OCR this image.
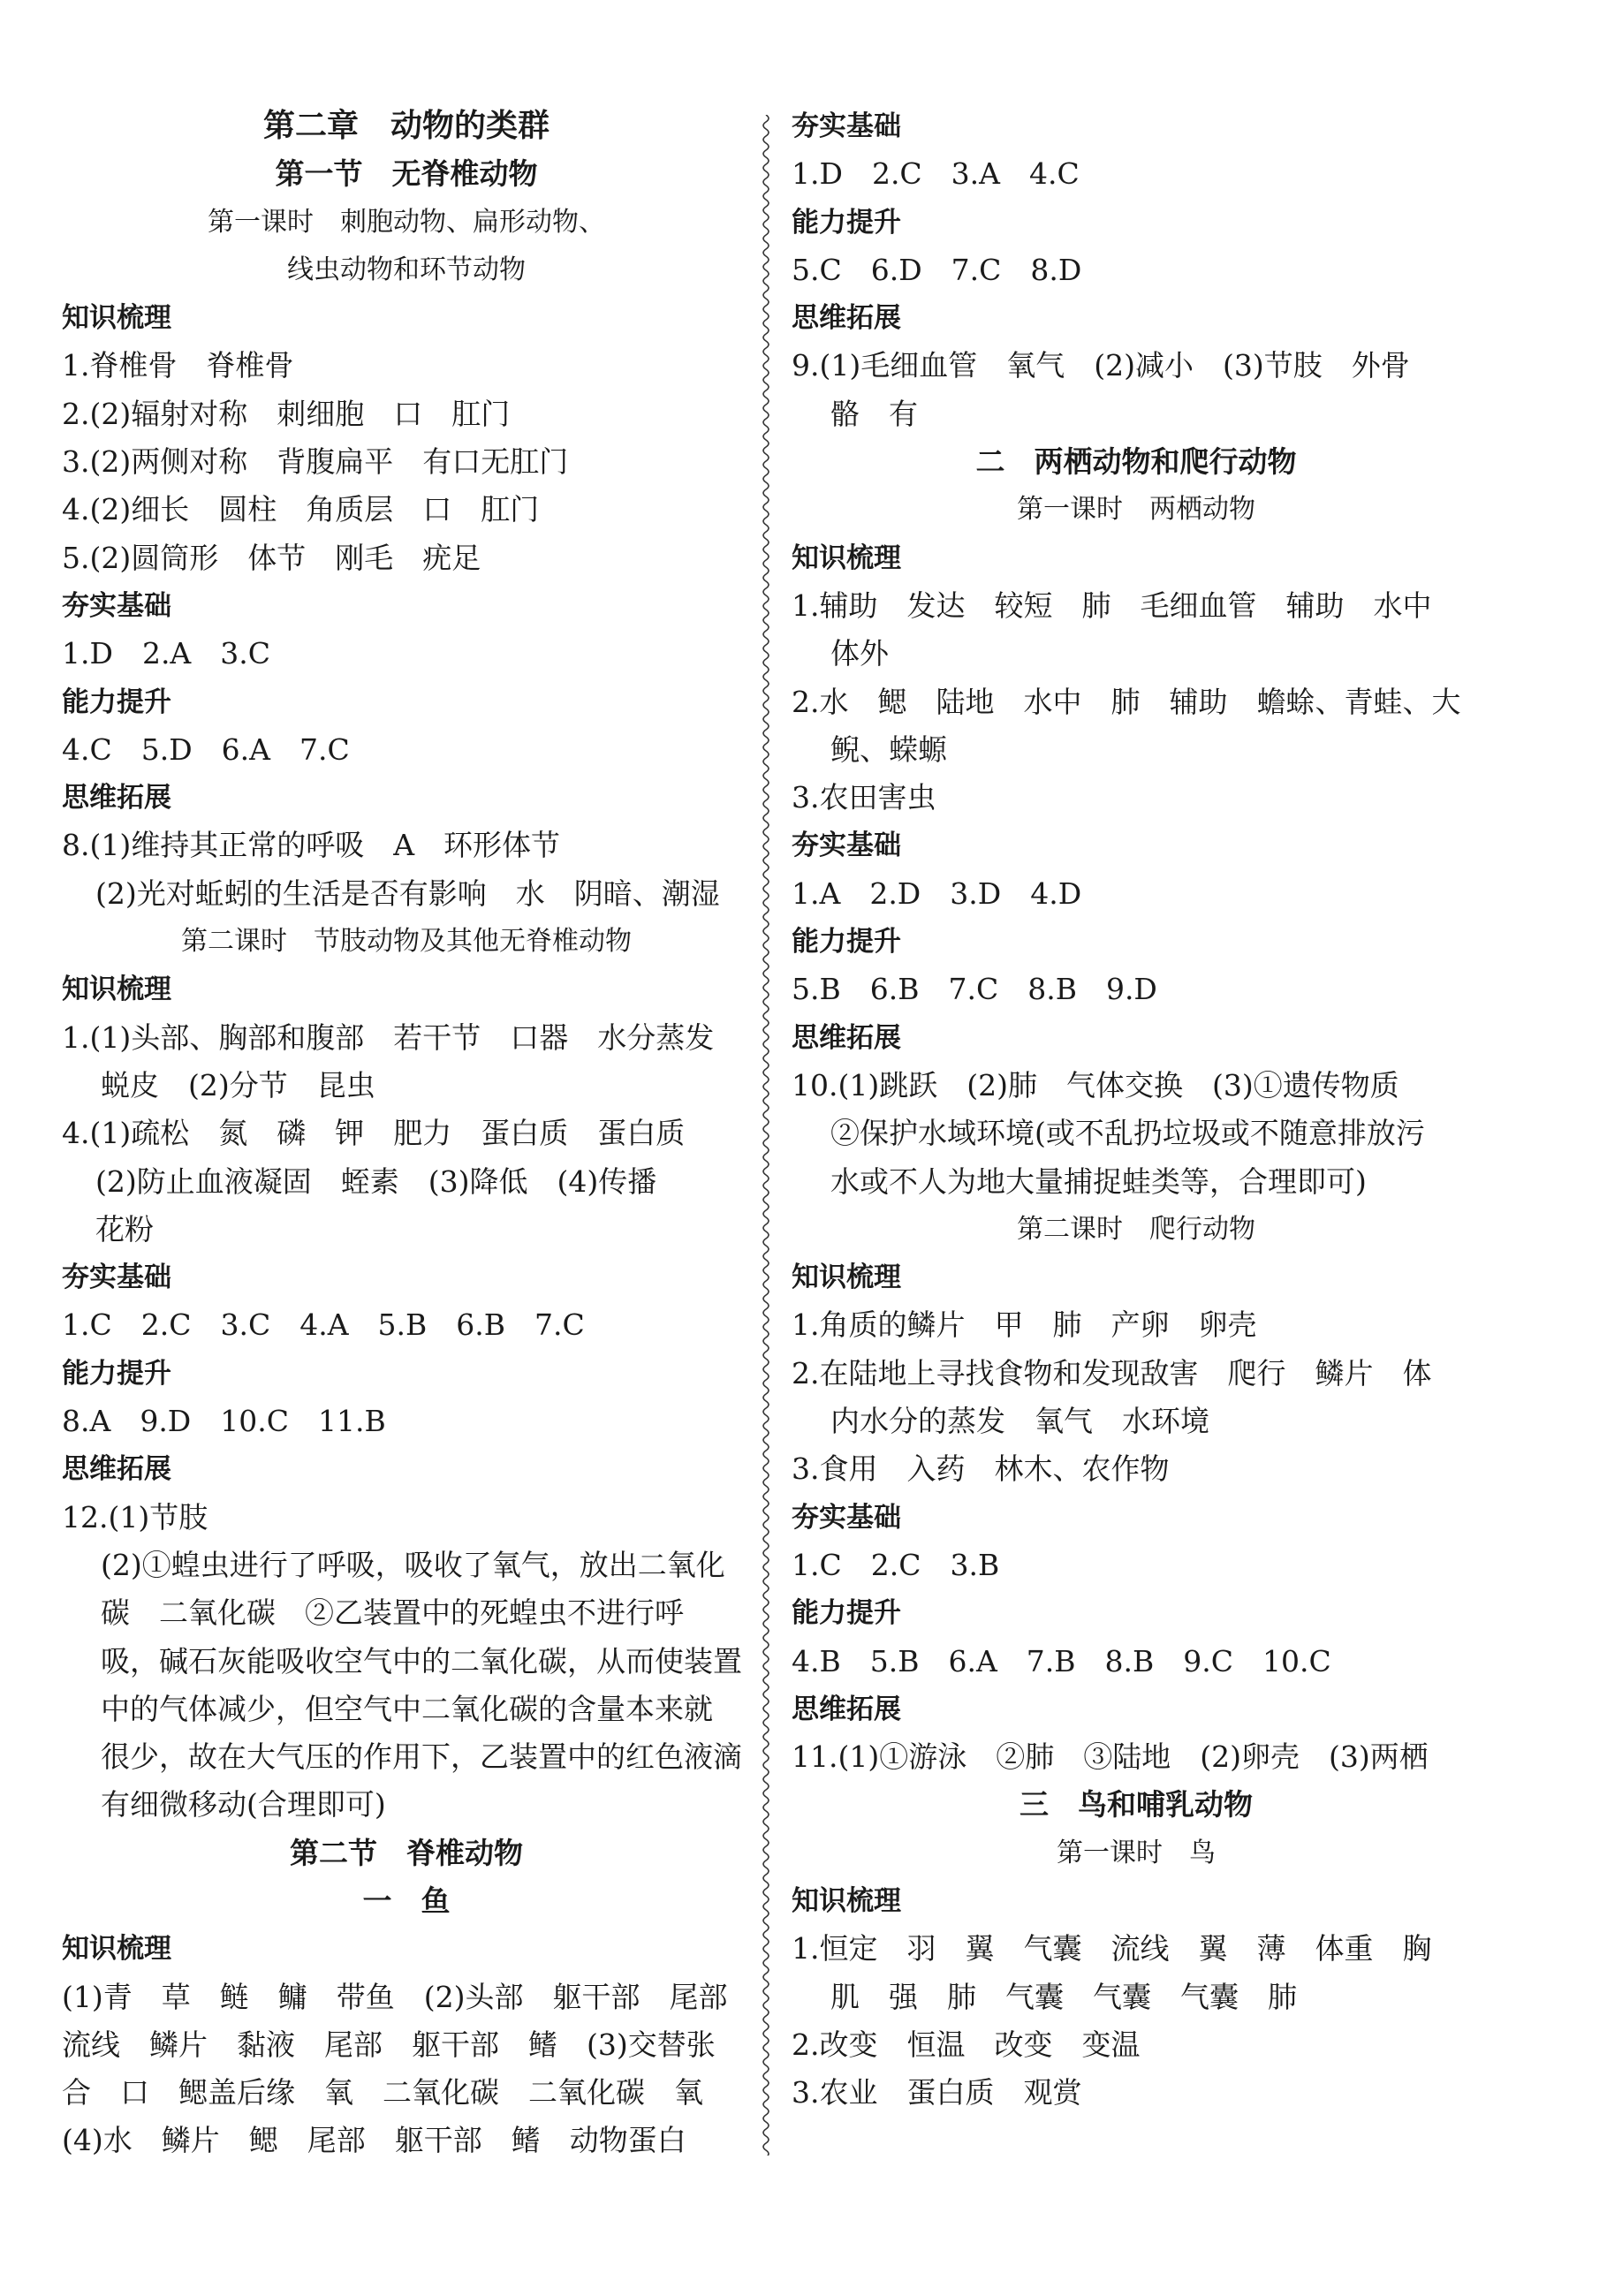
第二章　动物的类群
第一节　无脊椎动物
第一课时　刺胞动物、扁形动物、
线虫动物和环节动物
知识梳理
1.脊椎骨　脊椎骨
2.(2)辐射对称　刺细胞　口　肛门
3.(2)两侧对称　背腹扁平　有口无肛门
4.(2)细长　圆柱　角质层　口　肛门
5.(2)圆筒形　体节　刚毛　疣足
夯实基础
1.D　2.A　3.C
能力提升
4.C　5.D　6.A　7.C
思维拓展
8.(1)维持其正常的呼吸　A　环形体节
(2)光对蚯蚓的生活是否有影响　水　阴暗、潮湿
第二课时　节肢动物及其他无脊椎动物
知识梳理
1.(1)头部、胸部和腹部　若干节　口器　水分蒸发
蜕皮　(2)分节　昆虫
4.(1)疏松　氮　磷　钾　肥力　蛋白质　蛋白质
(2)防止血液凝固　蛭素　(3)降低　(4)传播
花粉
夯实基础
1.C　2.C　3.C　4.A　5.B　6.B　7.C
能力提升
8.A　9.D　10.C　11.B
思维拓展
12.(1)节肢
(2)①蝗虫进行了呼吸，吸收了氧气，放出二氧化
碳　二氧化碳　②乙装置中的死蝗虫不进行呼
吸，碱石灰能吸收空气中的二氧化碳，从而使装置
中的气体减少，但空气中二氧化碳的含量本来就
很少，故在大气压的作用下，乙装置中的红色液滴
有细微移动(合理即可)
第二节　脊椎动物
一　鱼
知识梳理
(1)青　草　鲢　鳙　带鱼　(2)头部　躯干部　尾部
流线　鳞片　黏液　尾部　躯干部　鳍　(3)交替张
合　口　鳃盖后缘　氧　二氧化碳　二氧化碳　氧
(4)水　鳞片　鳃　尾部　躯干部　鳍　动物蛋白
夯实基础
1.D　2.C　3.A　4.C
能力提升
5.C　6.D　7.C　8.D
思维拓展
9.(1)毛细血管　氧气　(2)减小　(3)节肢　外骨
骼　有
二　两栖动物和爬行动物
第一课时　两栖动物
知识梳理
1.辅助　发达　较短　肺　毛细血管　辅助　水中
体外
2.水　鳃　陆地　水中　肺　辅助　蟾蜍、青蛙、大
鲵、蝾螈
3.农田害虫
夯实基础
1.A　2.D　3.D　4.D
能力提升
5.B　6.B　7.C　8.B　9.D
思维拓展
10.(1)跳跃　(2)肺　气体交换　(3)①遗传物质
②保护水域环境(或不乱扔垃圾或不随意排放污
水或不人为地大量捕捉蛙类等，合理即可)
第二课时　爬行动物
知识梳理
1.角质的鳞片　甲　肺　产卵　卵壳
2.在陆地上寻找食物和发现敌害　爬行　鳞片　体
内水分的蒸发　氧气　水环境
3.食用　入药　林木、农作物
夯实基础
1.C　2.C　3.B
能力提升
4.B　5.B　6.A　7.B　8.B　9.C　10.C
思维拓展
11.(1)①游泳　②肺　③陆地　(2)卵壳　(3)两栖
三　鸟和哺乳动物
第一课时　鸟
知识梳理
1.恒定　羽　翼　气囊　流线　翼　薄　体重　胸
肌　强　肺　气囊　气囊　气囊　肺
2.改变　恒温　改变　变温
3.农业　蛋白质　观赏
